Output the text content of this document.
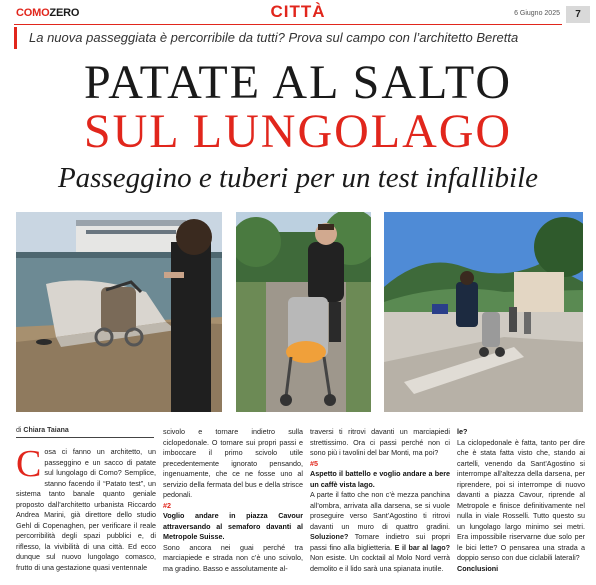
COMOZERO	CITTÀ	6 Giugno 2025	7
La nuova passeggiata è percorribile da tutti? Prova sul campo con l’architetto Beretta
PATATE AL SALTO
SUL LUNGOLAGO
Passeggino e tuberi per un test infallibile
di Chiara Taiana
Cosa ci fanno un architetto, un passeggino e un sacco di patate sul lungolago di Como? Semplice, stanno facendo il “Patato test”, un sistema tanto banale quanto geniale proposto dall’architetto urbanista Riccardo Andrea Marini, già direttore dello studio Gehl di Copenaghen, per verificare il reale percorribilità degli spazi pubblici e, di riflesso, la vivibilità di una città. Ed ecco dunque sul nuovo lungolago comasco, frutto di una gestazione quasi ventennale

scivolo e tornare indietro sulla ciclopedonale. O tornare sui propri passi e imboccare il primo scivolo utile precedentemente ignorato pensando, ingenuamente, che ce ne fosse uno al servizio della fermata del bus e della strisce pedonali.

#2

Voglio andare in piazza Cavour attraversando al semaforo davanti al Metropole Suisse.

Sono ancora nei guai perché tra marciapiede e strada non c’è uno scivolo, ma gradino. Basso e assolutamente al-

traversi ti ritrovi davanti un marciapiedi strettissimo. Ora ci passi perché non ci sono più i tavolini del bar Monti, ma poi?

#5

Aspetto il battello e voglio andare a bere un caffè vista lago.

A parte il fatto che non c’è mezza panchina all’ombra, arrivata alla darsena, se si vuole proseguire verso Sant’Agostino ti ritrovi davanti un muro di quattro gradini. Soluzione? Tornare indietro sui propri passi fino alla biglietteria. E il bar al lago? Non esiste. Un cocktail al Molo Nord verrà demolito e il lido sarà una spianata inutile.

le?

La ciclopedonale è fatta, tanto per dire che è stata fatta visto che, stando ai cartelli, venendo da Sant’Agostino si interrompe all’altezza della darsena, per riprendere, poi si interrompe di nuovo davanti a piazza Cavour, riprende al Metropole e finisce definitivamente nel nulla in viale Rosselli. Tutto questo su un lungolago largo minimo sei metri. Era impossibile riservarne due solo per le bici lette? O pensarea una strada a doppio senso con due ciclabili laterali?

Conclusioni
